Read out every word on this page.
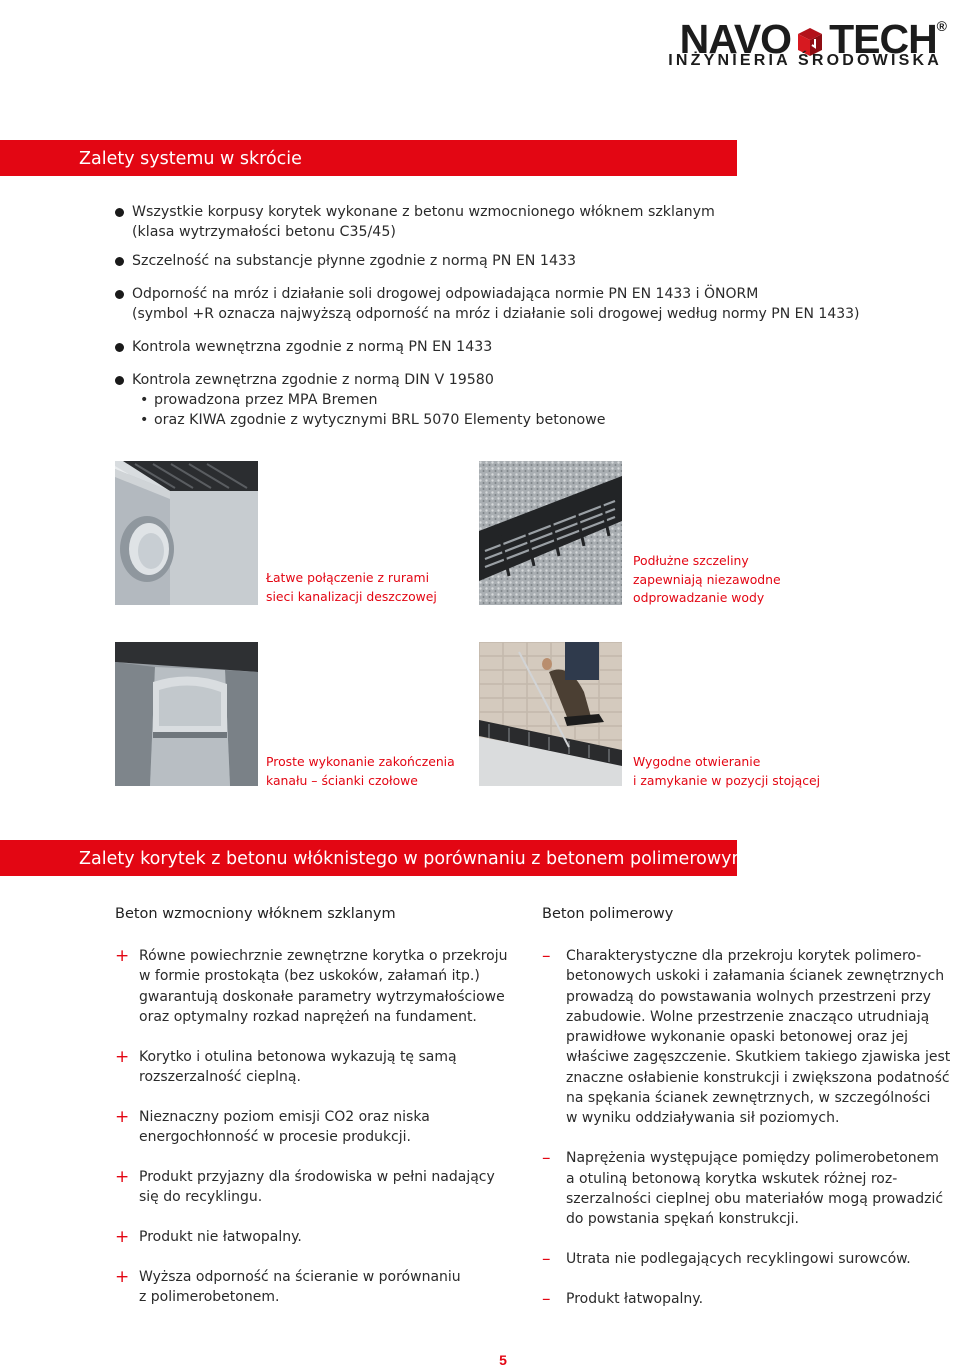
NAVO TECH®
INŻYNIERIA ŚRODOWISKA
Zalety systemu w skrócie
Wszystkie korpusy korytek wykonane z betonu wzmocnionego włóknem szklanym
(klasa wytrzymałości betonu C35/45)
Szczelność na substancje płynne zgodnie z normą PN EN 1433
Odporność na mróz i działanie soli drogowej odpowiadająca normie PN EN 1433 i ÖNORM
(symbol +R oznacza najwyższą odporność na mróz i działanie soli drogowej według normy PN EN 1433)
Kontrola wewnętrzna zgodnie z normą PN EN 1433
Kontrola zewnętrzna zgodnie z normą DIN V 19580
• prowadzona przez MPA Bremen
• oraz KIWA zgodnie z wytycznymi BRL 5070 Elementy betonowe
Łatwe połączenie z rurami
sieci kanalizacji deszczowej
Podłużne szczeliny
zapewniają niezawodne
odprowadzanie wody
Proste wykonanie zakończenia
kanału – ścianki czołowe
Wygodne otwieranie
i zamykanie w pozycji stojącej
Zalety korytek z betonu włóknistego w porównaniu z betonem polimerowym
Beton wzmocniony włóknem szklanym	Beton polimerowy
+ Równe powiechrznie zewnętrzne korytka o przekroju
w formie prostokąta (bez uskoków, załamań itp.)
gwarantują doskonałe parametry wytrzymałościowe
oraz optymalny rozkad naprężeń na fundament.
+ Korytko i otulina betonowa wykazują tę samą
rozszerzalność cieplną.
+ Nieznaczny poziom emisji CO2 oraz niska
energochłonność w procesie produkcji.
+ Produkt przyjazny dla środowiska w pełni nadający
się do recyklingu.
+ Produkt nie łatwopalny.
+ Wyższa odporność na ścieranie w porównaniu
z polimerobetonem.
– Charakterystyczne dla przekroju korytek polimero-
betonowych uskoki i załamania ścianek zewnętrznych
prowadzą do powstawania wolnych przestrzeni przy
zabudowie. Wolne przestrzenie znacząco utrudniają
prawidłowe wykonanie opaski betonowej oraz jej
właściwe zagęszczenie. Skutkiem takiego zjawiska jest
znaczne osłabienie konstrukcji i zwiększona podatność
na spękania ścianek zewnętrznych, w szczególności
w wyniku oddziaływania sił poziomych.
– Naprężenia występujące pomiędzy polimerobetonem
a otuliną betonową korytka wskutek różnej roz-
szerzalności cieplnej obu materiałów mogą prowadzić
do powstania spękań konstrukcji.
– Utrata nie podlegających recyklingowi surowców.
– Produkt łatwopalny.
5
